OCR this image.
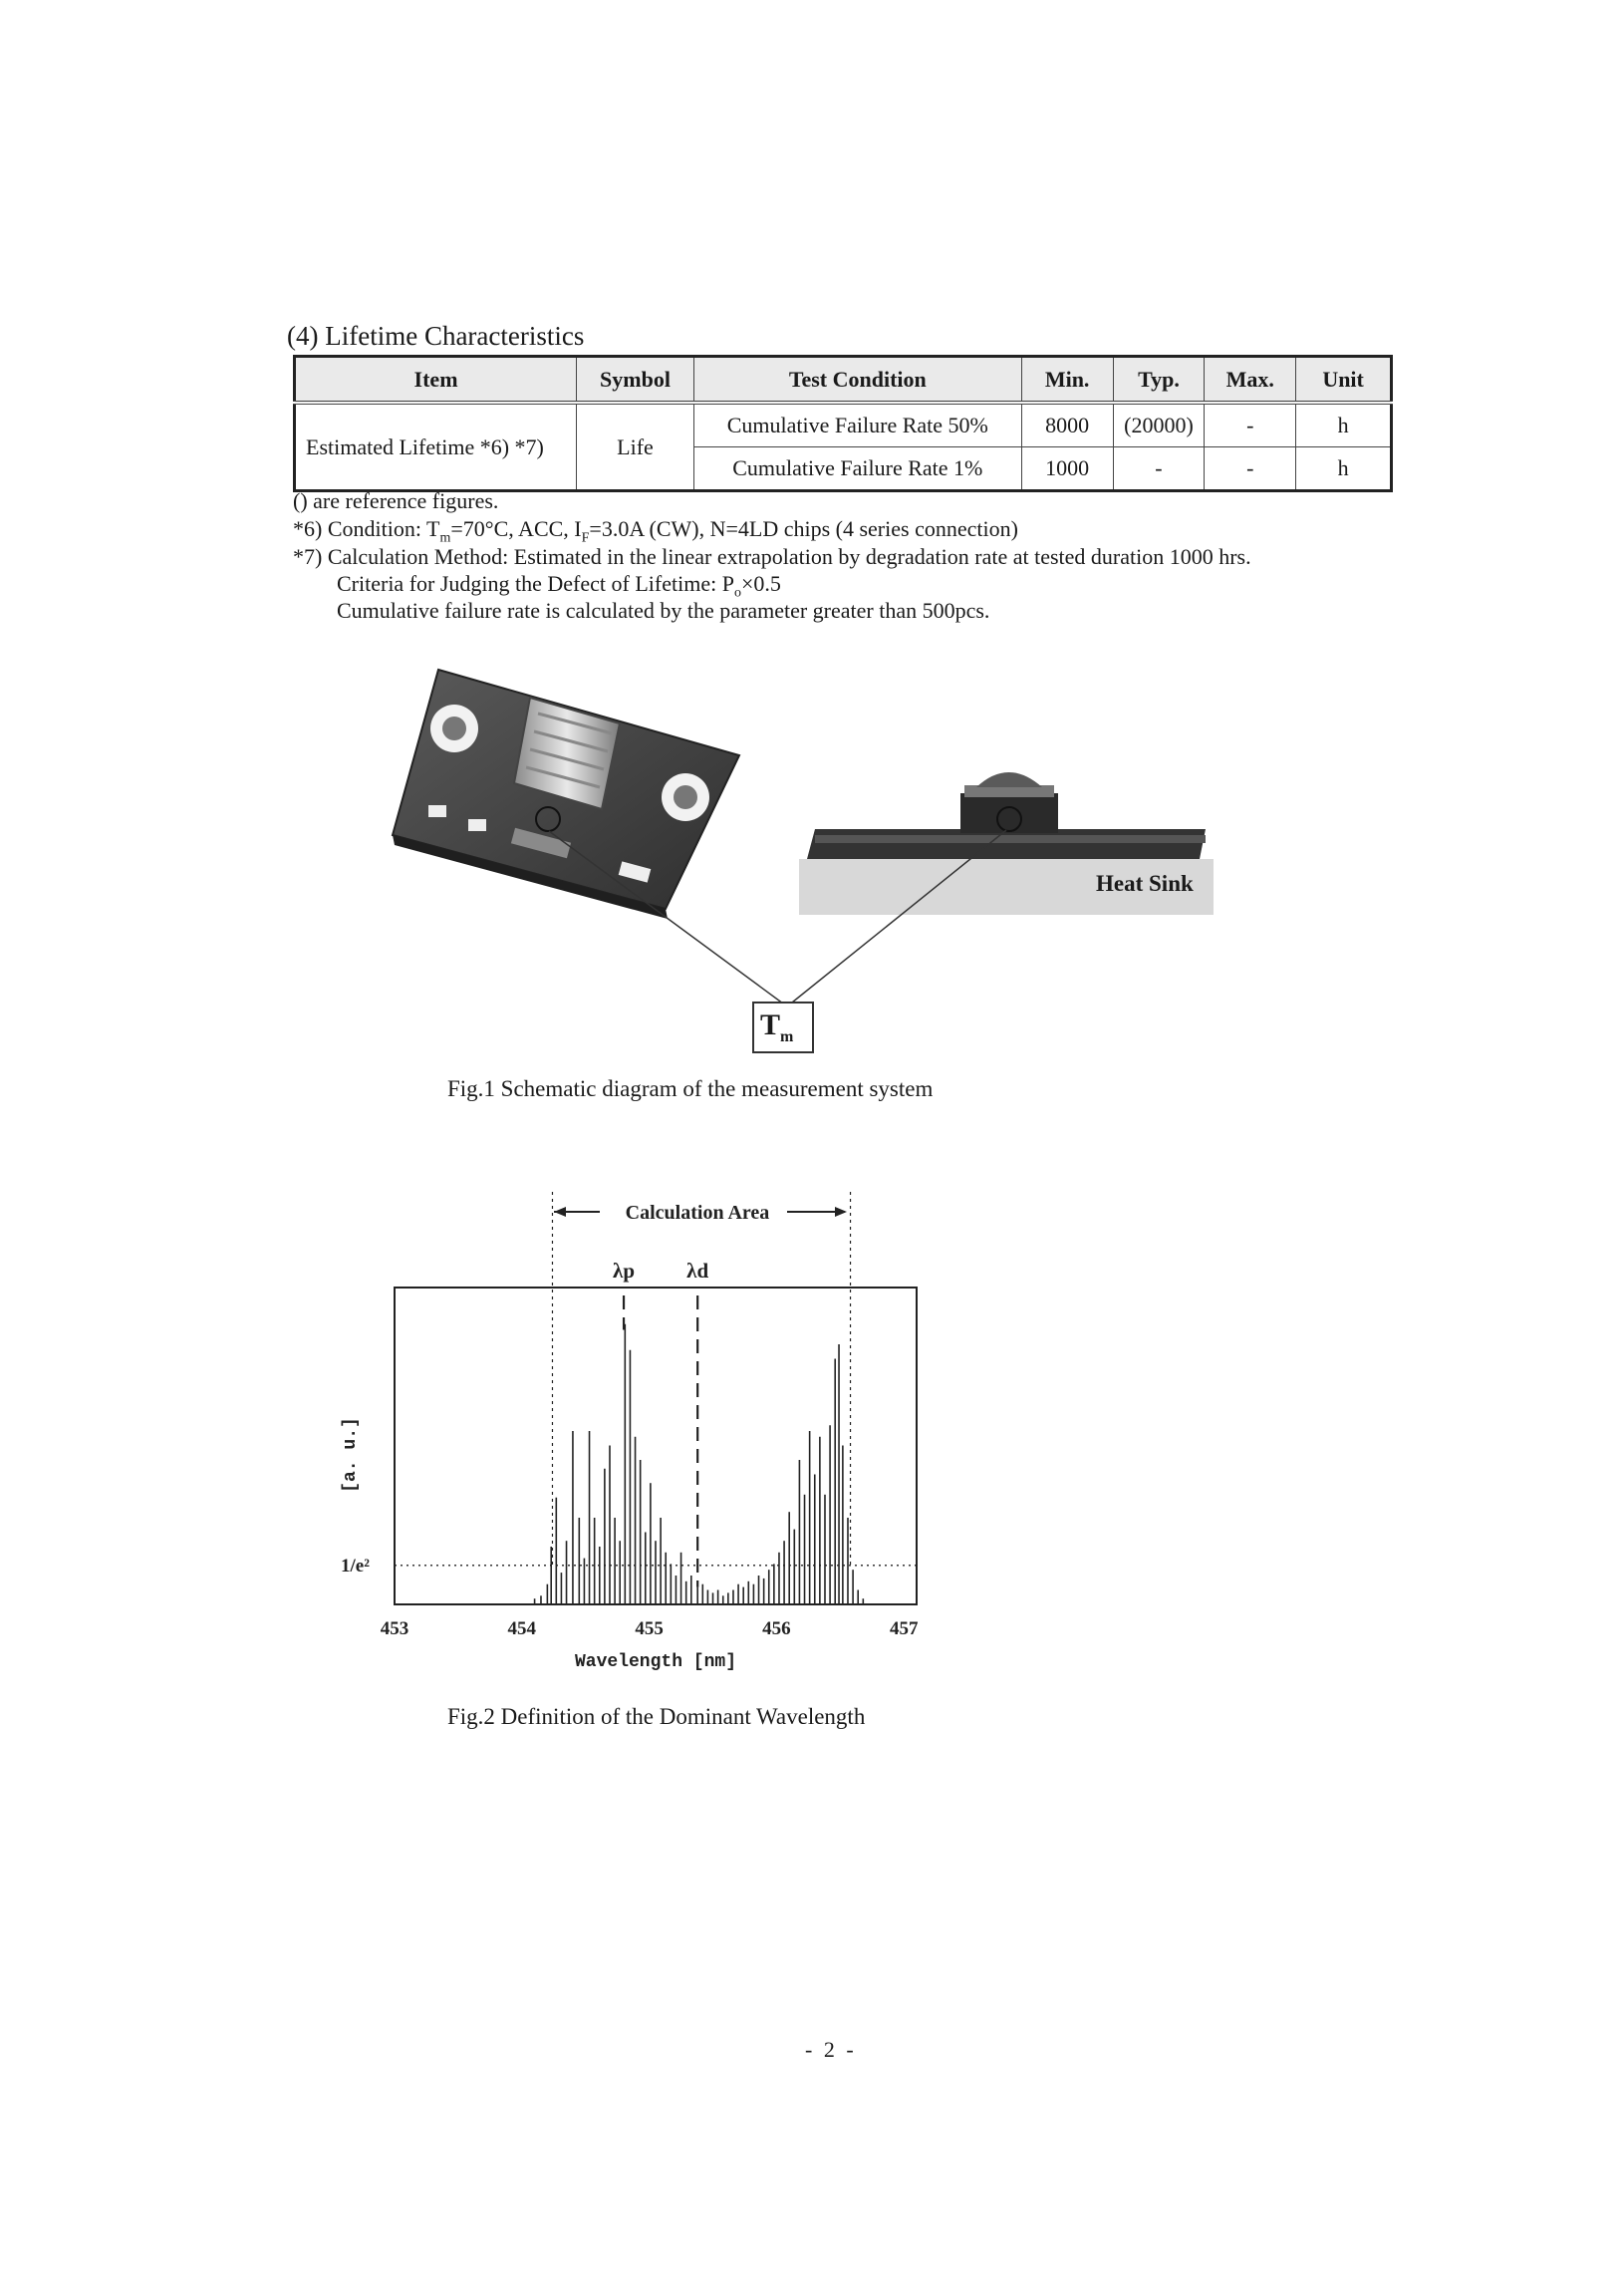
(4) Lifetime Characteristics
Item	Symbol	Test Condition	Min.	Typ.	Max.	Unit
Estimated Lifetime *6) *7)	Life	Cumulative Failure Rate 50%	8000	(20000)	-	h
		Cumulative Failure Rate 1%	1000	-	-	h
() are reference figures.
*6) Condition: $T_m=70^\circ C$, ACC, $I_F=3.0A$ (CW), N=4LD chips (4 series connection)
*7) Calculation Method: Estimated in the linear extrapolation by degradation rate at tested duration 1000 hrs.
Criteria for Judging the Defect of Lifetime: $P_o\times 0.5$
Cumulative failure rate is calculated by the parameter greater than 500pcs.
Heat Sink
$T_m$
Fig.1 Schematic diagram of the measurement system
Calculation Area
λp λd
1/e²
[a. u.]
453	454	455	456	457
Wavelength [nm]
Fig.2 Definition of the Dominant Wavelength
- 2 -
